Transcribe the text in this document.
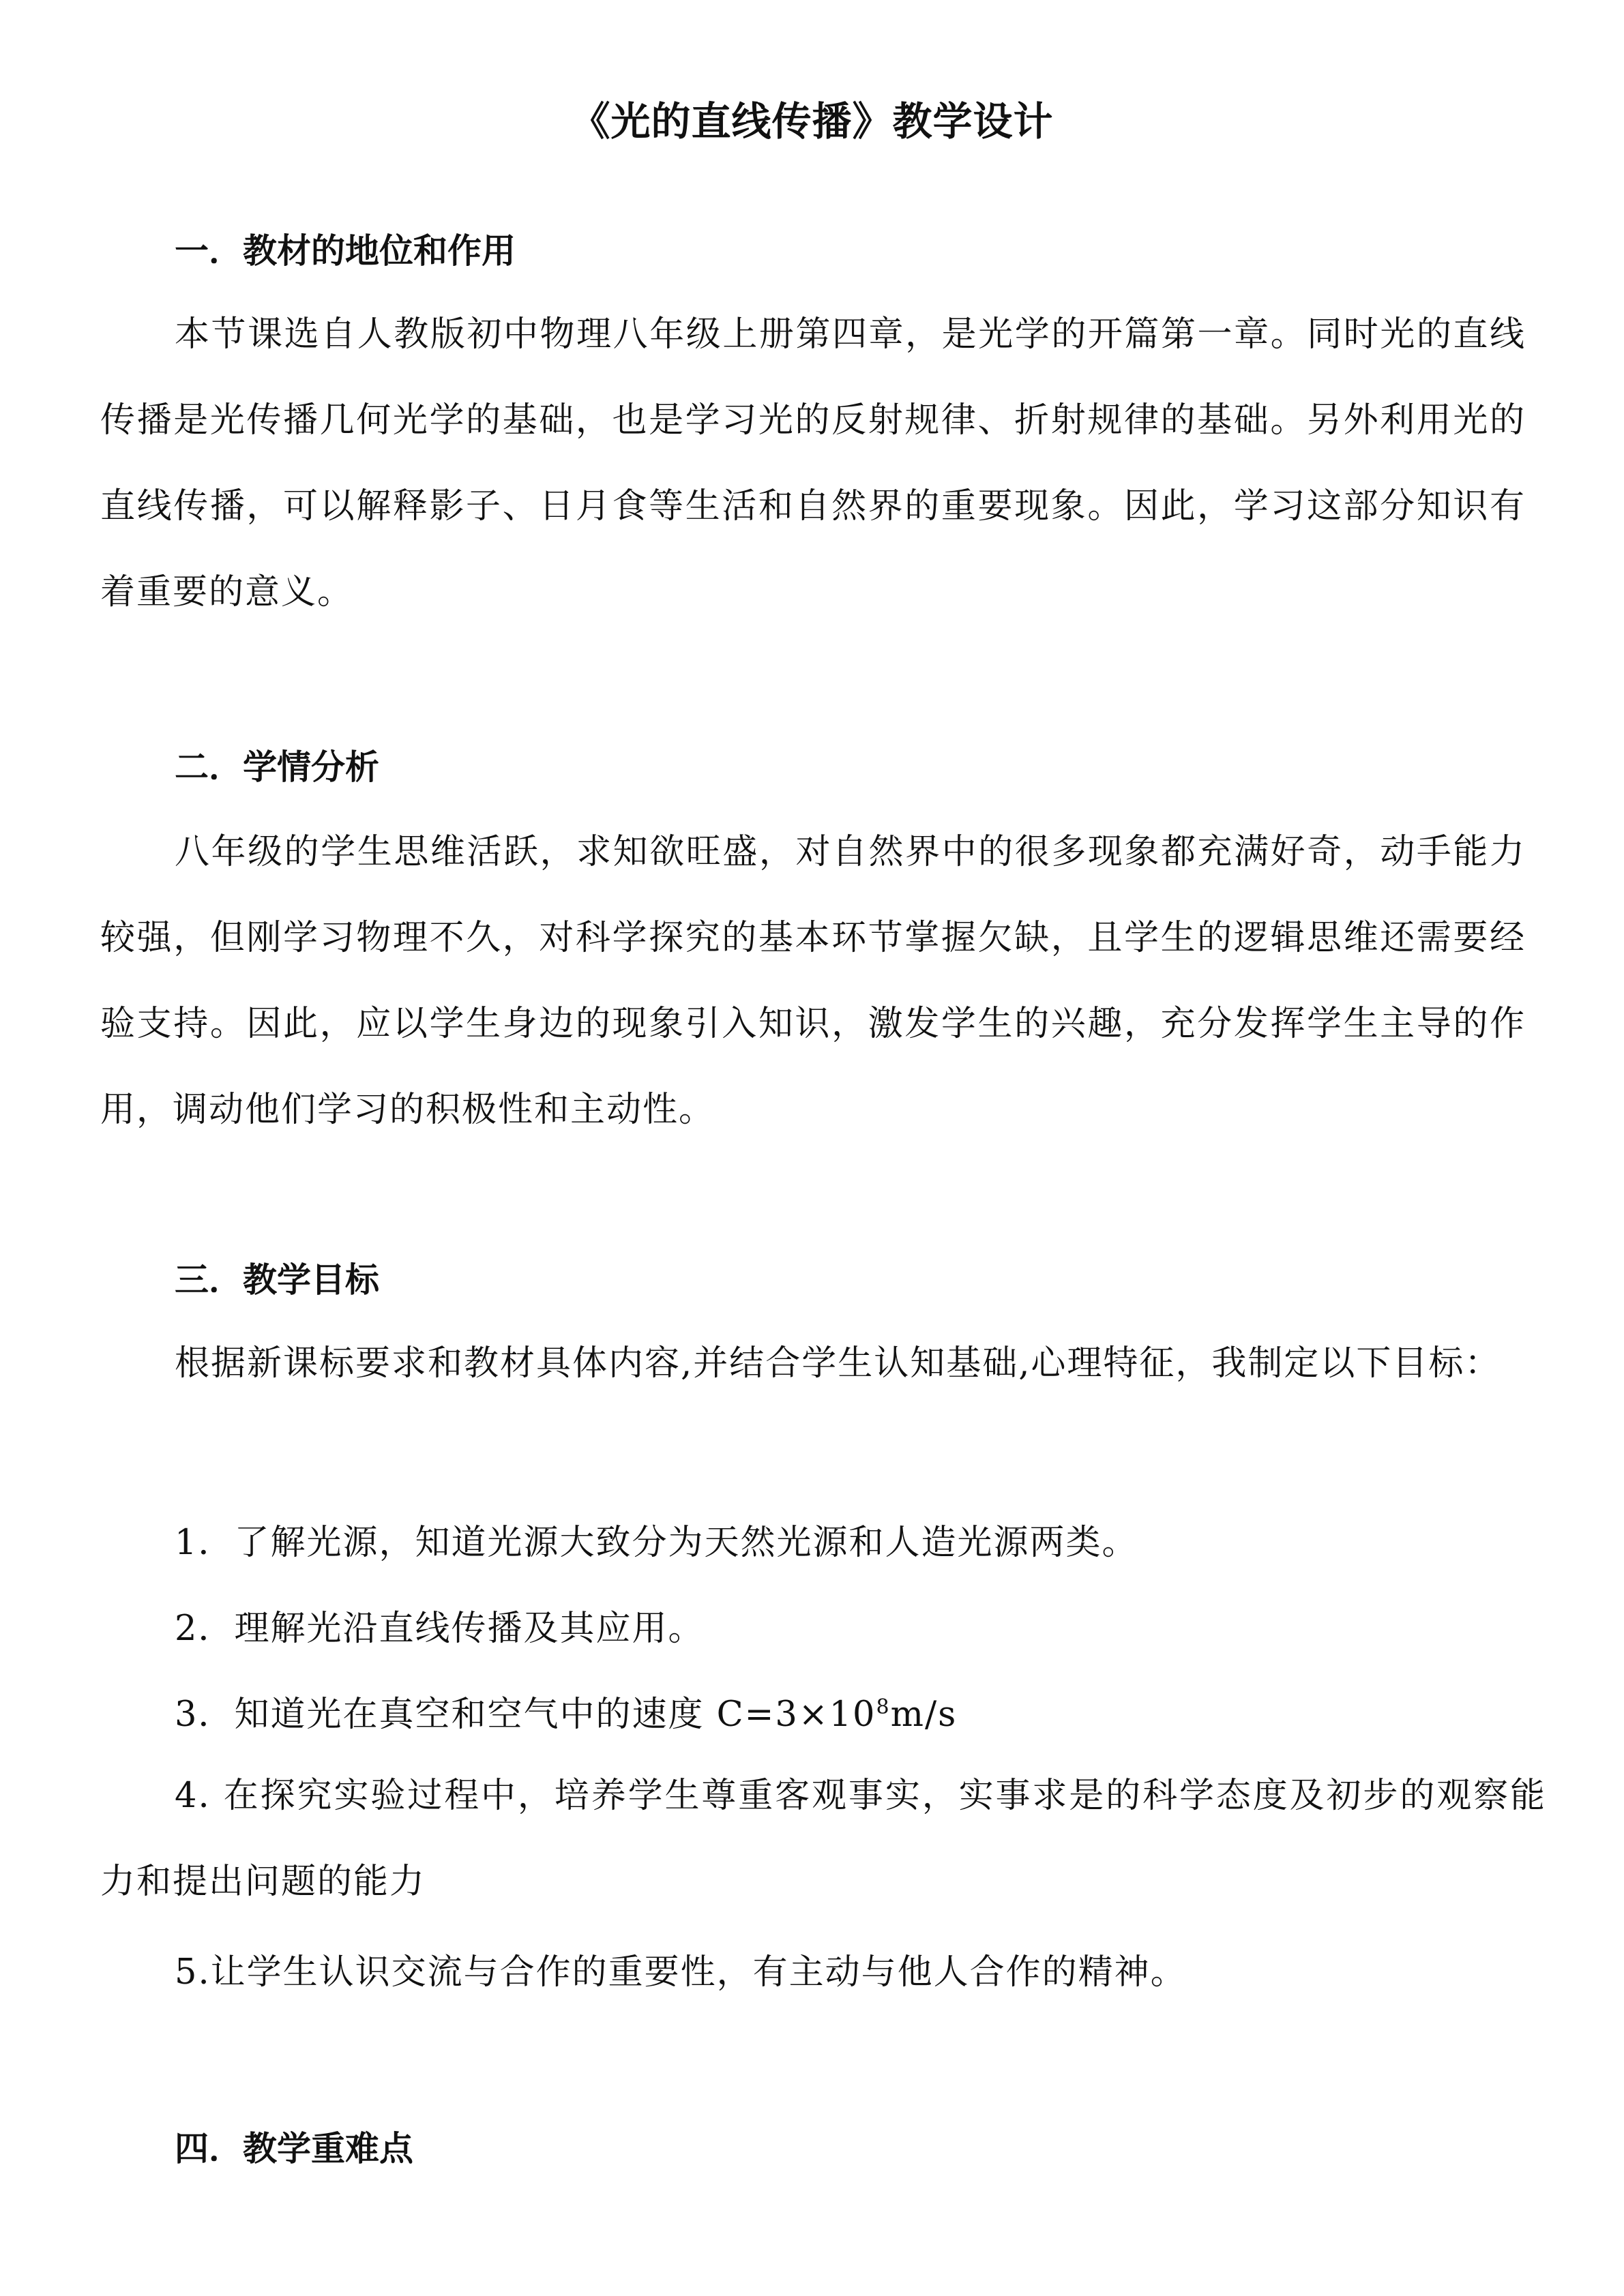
《光的直线传播》教学设计
一．教材的地位和作用
本节课选自人教版初中物理八年级上册第四章，是光学的开篇第一章。同时光的直线传播是光传播几何光学的基础，也是学习光的反射规律、折射规律的基础。另外利用光的直线传播，可以解释影子、日月食等生活和自然界的重要现象。因此，学习这部分知识有着重要的意义。
二．学情分析
八年级的学生思维活跃，求知欲旺盛，对自然界中的很多现象都充满好奇，动手能力较强，但刚学习物理不久，对科学探究的基本环节掌握欠缺，且学生的逻辑思维还需要经验支持。因此，应以学生身边的现象引入知识，激发学生的兴趣，充分发挥学生主导的作用，调动他们学习的积极性和主动性。
三．教学目标
根据新课标要求和教材具体内容,并结合学生认知基础,心理特征，我制定以下目标：
1．了解光源，知道光源大致分为天然光源和人造光源两类。
2．理解光沿直线传播及其应用。
3．知道光在真空和空气中的速度 $C=3\times 10^8m/s$
4. 在探究实验过程中，培养学生尊重客观事实，实事求是的科学态度及初步的观察能力和提出问题的能力
5.让学生认识交流与合作的重要性，有主动与他人合作的精神。
四．教学重难点
